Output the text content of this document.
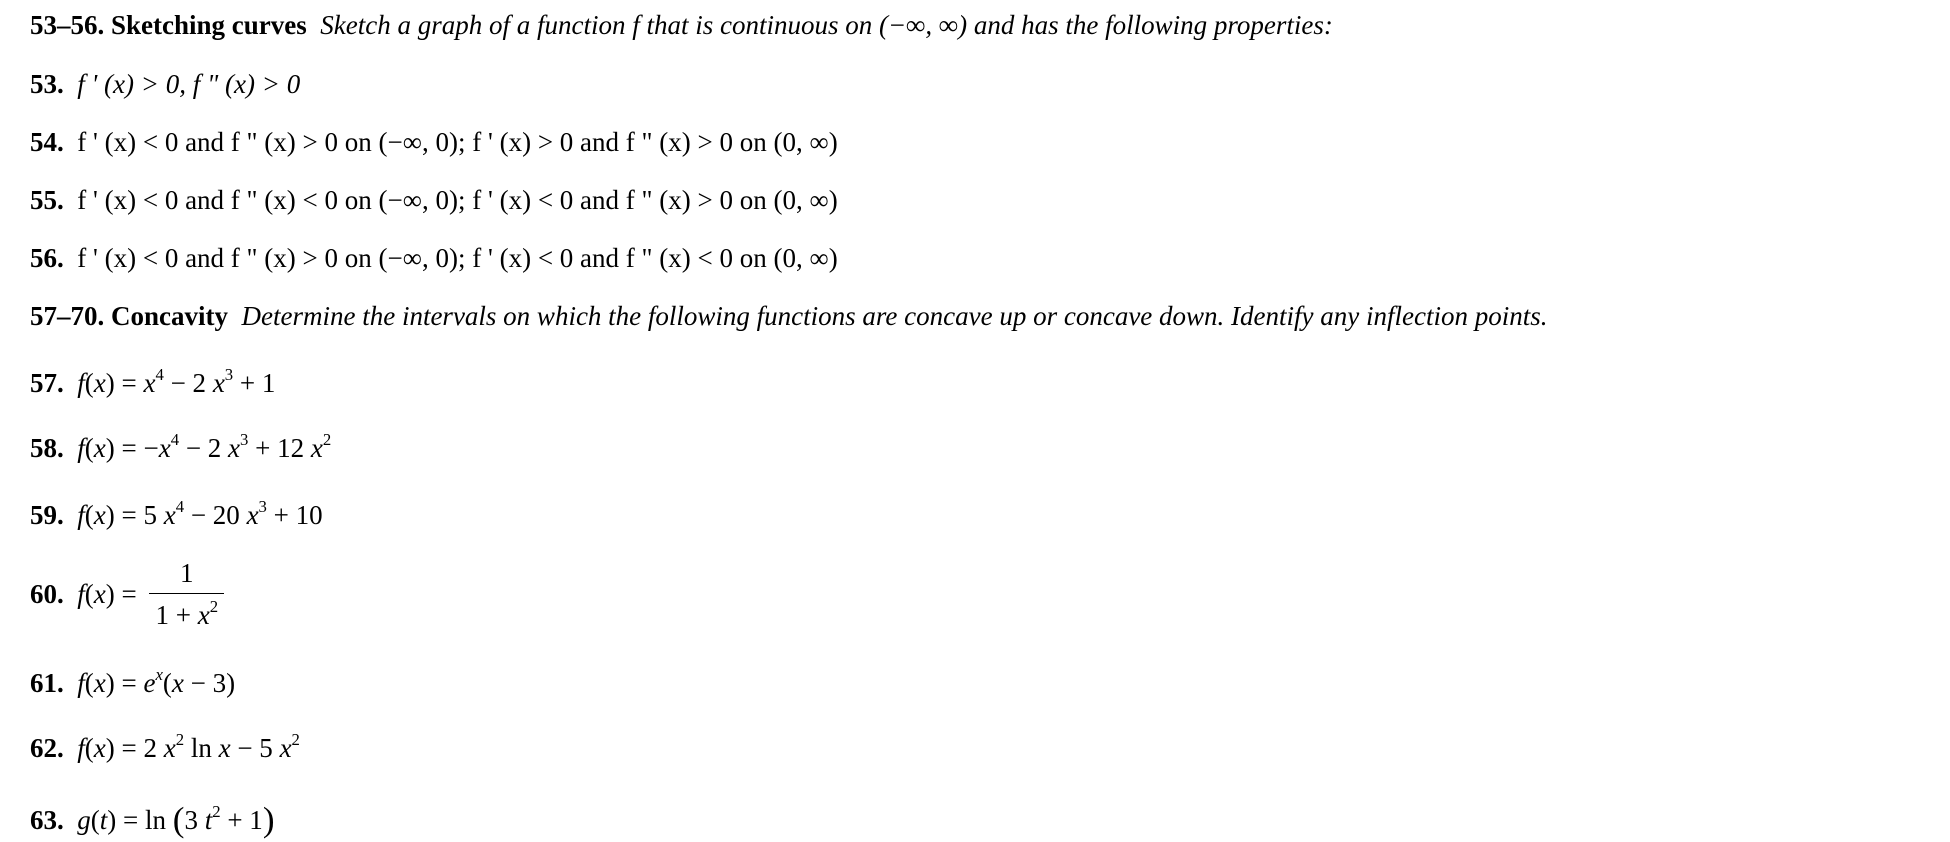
53–56. Sketching curves Sketch a graph of a function f that is continuous on (−∞, ∞) and has the following properties:
53. f ' (x) > 0, f " (x) > 0
54. f ' (x) < 0 and f " (x) > 0 on (−∞, 0); f ' (x) > 0 and f " (x) > 0 on (0, ∞)
55. f ' (x) < 0 and f " (x) < 0 on (−∞, 0); f ' (x) < 0 and f " (x) > 0 on (0, ∞)
56. f ' (x) < 0 and f " (x) > 0 on (−∞, 0); f ' (x) < 0 and f " (x) < 0 on (0, ∞)
57–70. Concavity Determine the intervals on which the following functions are concave up or concave down. Identify any inflection points.
57. $f(x) = x^4 - 2$ $x^3 + 1$
58. $f(x) = -x^4 - 2$ $x^3 + 12$ $x^2$
59. f(x) = 5 $x^4 - 20$ $x^3 + 10$
60. $f(x) = \frac{1}{1 + x^2}$
61. $f(x) = e^x(x - 3)$
62. f(x) = 2 $x^2$ ln x − 5 $x^2$
63. g(t) = ln (3 $t^2 + 1$)
